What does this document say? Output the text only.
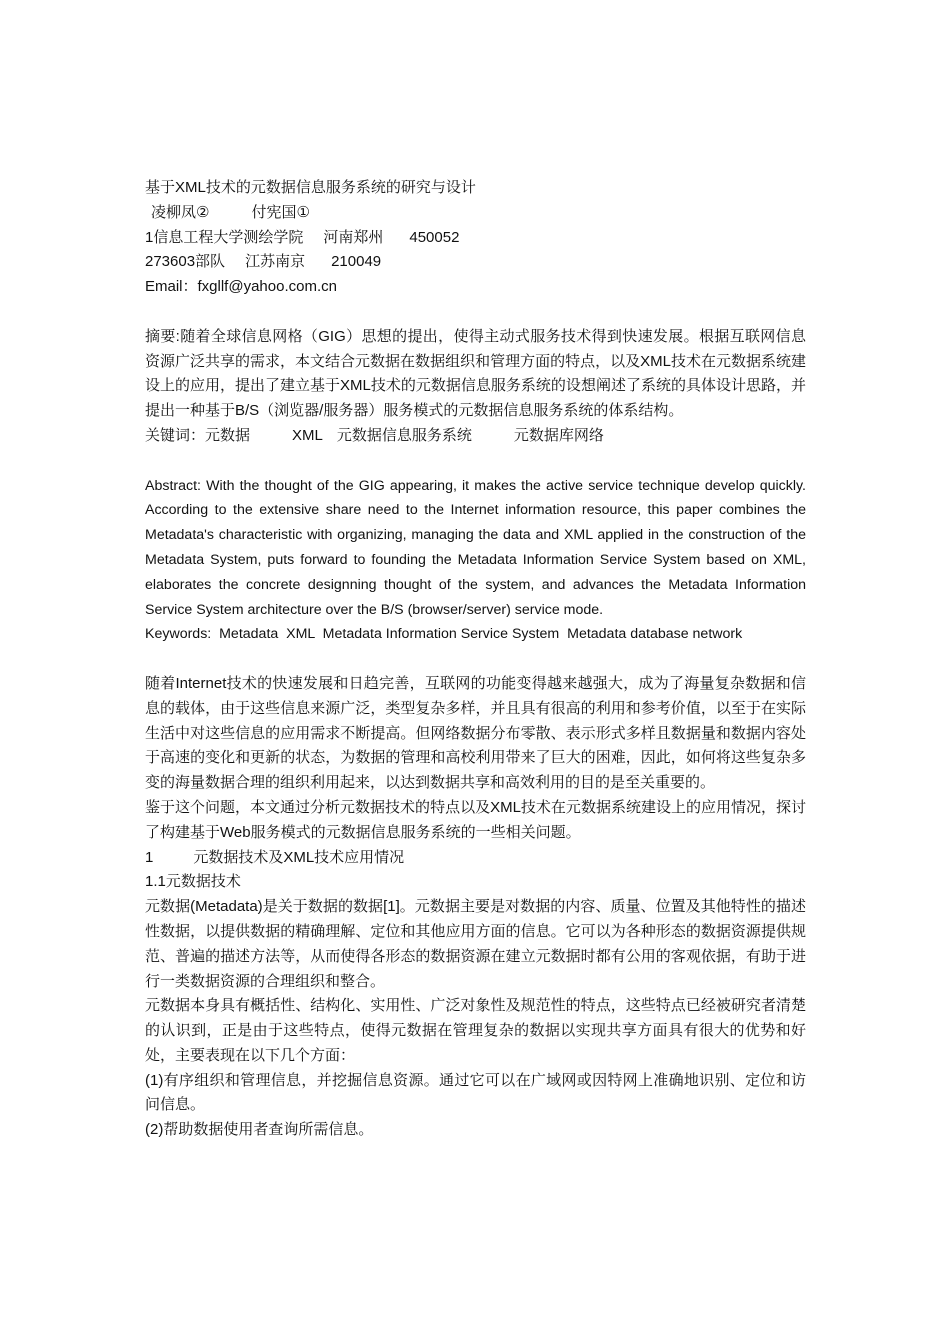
基于XML技术的元数据信息服务系统的研究与设计

凌柳凤②	付宪国①

1信息工程大学测绘学院 河南郑州 450052

273603部队 江苏南京 210049

Email：fxgllf@yahoo.com.cn

摘要:随着全球信息网格（GIG）思想的提出，使得主动式服务技术得到快速发展。根据互联网信息资源广泛共享的需求，本文结合元数据在数据组织和管理方面的特点，以及XML技术在元数据系统建设上的应用，提出了建立基于XML技术的元数据信息服务系统的设想阐述了系统的具体设计思路，并提出一种基于B/S（浏览器/服务器）服务模式的元数据信息服务系统的体系结构。

关键词：元数据	XML 元数据信息服务系统	元数据库网络

Abstract: With the thought of the GIG appearing, it makes the active service technique develop quickly. According to the extensive share need to the Internet information resource, this paper combines the Metadata's characteristic with organizing, managing the data and XML applied in the construction of the Metadata System, puts forward to founding the Metadata Information Service System based on XML, elaborates the concrete designning thought of the system, and advances the Metadata Information Service System architecture over the B/S (browser/server) service mode.

Keywords:  Metadata  XML  Metadata Information Service System  Metadata database network

随着Internet技术的快速发展和日趋完善，互联网的功能变得越来越强大，成为了海量复杂数据和信息的载体，由于这些信息来源广泛，类型复杂多样，并且具有很高的利用和参考价值，以至于在实际生活中对这些信息的应用需求不断提高。但网络数据分布零散、表示形式多样且数据量和数据内容处于高速的变化和更新的状态，为数据的管理和高校利用带来了巨大的困难，因此，如何将这些复杂多变的海量数据合理的组织利用起来，以达到数据共享和高效利用的目的是至关重要的。

鉴于这个问题，本文通过分析元数据技术的特点以及XML技术在元数据系统建设上的应用情况，探讨了构建基于Web服务模式的元数据信息服务系统的一些相关问题。

1	元数据技术及XML技术应用情况

1.1元数据技术

元数据(Metadata)是关于数据的数据[1]。元数据主要是对数据的内容、质量、位置及其他特性的描述性数据，以提供数据的精确理解、定位和其他应用方面的信息。它可以为各种形态的数据资源提供规范、普遍的描述方法等，从而使得各形态的数据资源在建立元数据时都有公用的客观依据，有助于进行一类数据资源的合理组织和整合。

元数据本身具有概括性、结构化、实用性、广泛对象性及规范性的特点，这些特点已经被研究者清楚的认识到，正是由于这些特点，使得元数据在管理复杂的数据以实现共享方面具有很大的优势和好处，主要表现在以下几个方面：

(1)有序组织和管理信息，并挖掘信息资源。通过它可以在广域网或因特网上准确地识别、定位和访问信息。

(2)帮助数据使用者查询所需信息。
